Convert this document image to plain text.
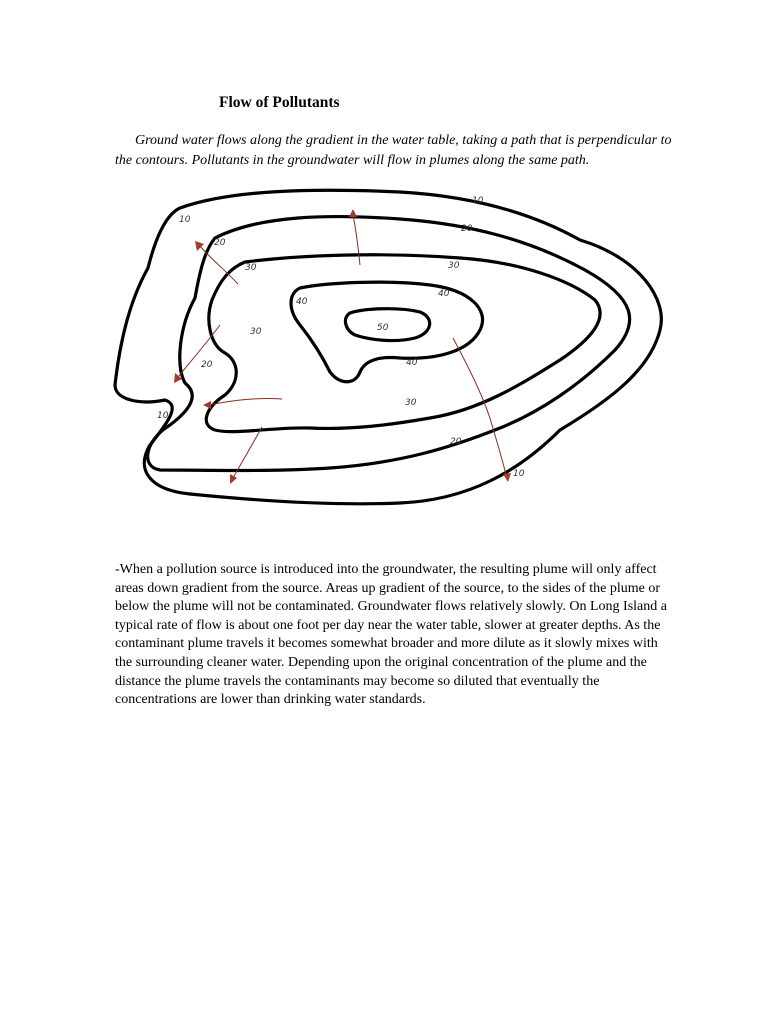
Flow of Pollutants

Ground water flows along the gradient in the water table, taking a path that is perpendicular to the contours. Pollutants in the groundwater will flow in plumes along the same path.

10
10
10
10
20
20
20
20
30	30
30
30
40
40
40
50

-When a pollution source is introduced into the groundwater, the resulting plume will only affect areas down gradient from the source. Areas up gradient of the source, to the sides of the plume or below the plume will not be contaminated. Groundwater flows relatively slowly. On Long Island a typical rate of flow is about one foot per day near the water table, slower at greater depths. As the contaminant plume travels it becomes somewhat broader and more dilute as it slowly mixes with the surrounding cleaner water. Depending upon the original concentration of the plume and the distance the plume travels the contaminants may become so diluted that eventually the concentrations are lower than drinking water standards.
